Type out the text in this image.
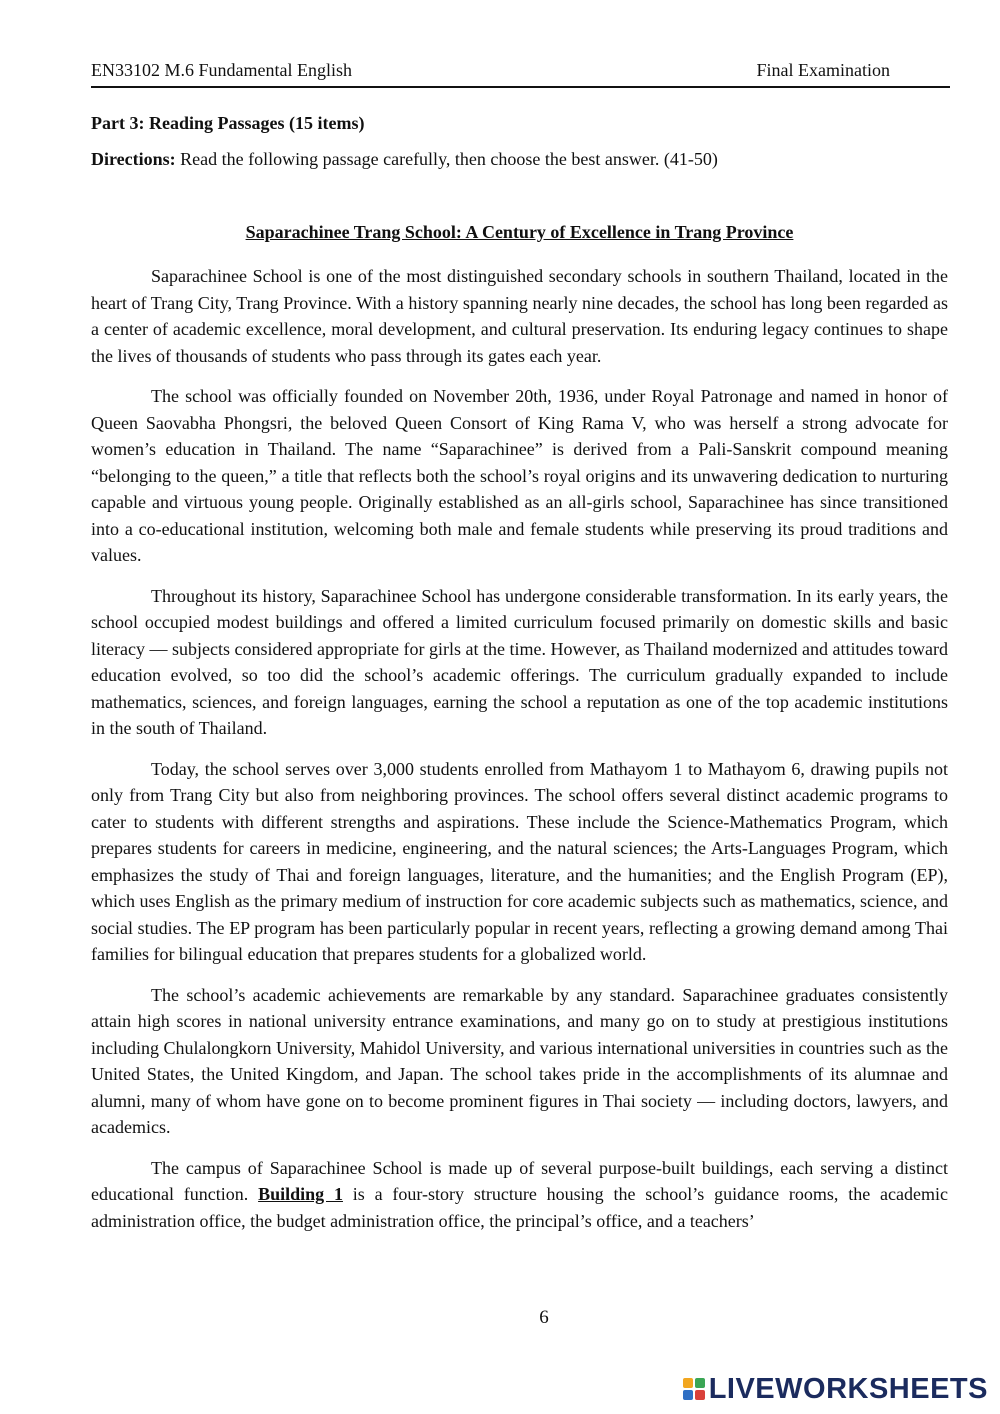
EN33102 M.6 Fundamental English	Final Examination
Part 3: Reading Passages (15 items)
Directions: Read the following passage carefully, then choose the best answer. (41-50)
Saparachinee Trang School: A Century of Excellence in Trang Province

Saparachinee School is one of the most distinguished secondary schools in southern Thailand, located in the heart of Trang City, Trang Province. With a history spanning nearly nine decades, the school has long been regarded as a center of academic excellence, moral development, and cultural preservation. Its enduring legacy continues to shape the lives of thousands of students who pass through its gates each year.

The school was officially founded on November 20th, 1936, under Royal Patronage and named in honor of Queen Saovabha Phongsri, the beloved Queen Consort of King Rama V, who was herself a strong advocate for women’s education in Thailand. The name “Saparachinee” is derived from a Pali-Sanskrit compound meaning “belonging to the queen,” a title that reflects both the school’s royal origins and its unwavering dedication to nurturing capable and virtuous young people. Originally established as an all-girls school, Saparachinee has since transitioned into a co-educational institution, welcoming both male and female students while preserving its proud traditions and values.

Throughout its history, Saparachinee School has undergone considerable transformation. In its early years, the school occupied modest buildings and offered a limited curriculum focused primarily on domestic skills and basic literacy — subjects considered appropriate for girls at the time. However, as Thailand modernized and attitudes toward education evolved, so too did the school’s academic offerings. The curriculum gradually expanded to include mathematics, sciences, and foreign languages, earning the school a reputation as one of the top academic institutions in the south of Thailand.

Today, the school serves over 3,000 students enrolled from Mathayom 1 to Mathayom 6, drawing pupils not only from Trang City but also from neighboring provinces. The school offers several distinct academic programs to cater to students with different strengths and aspirations. These include the Science-Mathematics Program, which prepares students for careers in medicine, engineering, and the natural sciences; the Arts-Languages Program, which emphasizes the study of Thai and foreign languages, literature, and the humanities; and the English Program (EP), which uses English as the primary medium of instruction for core academic subjects such as mathematics, science, and social studies. The EP program has been particularly popular in recent years, reflecting a growing demand among Thai families for bilingual education that prepares students for a globalized world.

The school’s academic achievements are remarkable by any standard. Saparachinee graduates consistently attain high scores in national university entrance examinations, and many go on to study at prestigious institutions including Chulalongkorn University, Mahidol University, and various international universities in countries such as the United States, the United Kingdom, and Japan. The school takes pride in the accomplishments of its alumnae and alumni, many of whom have gone on to become prominent figures in Thai society — including doctors, lawyers, and academics.

The campus of Saparachinee School is made up of several purpose-built buildings, each serving a distinct educational function. Building 1 is a four-story structure housing the school’s guidance rooms, the academic administration office, the budget administration office, the principal’s office, and a teachers’

6
LIVEWORKSHEETS
